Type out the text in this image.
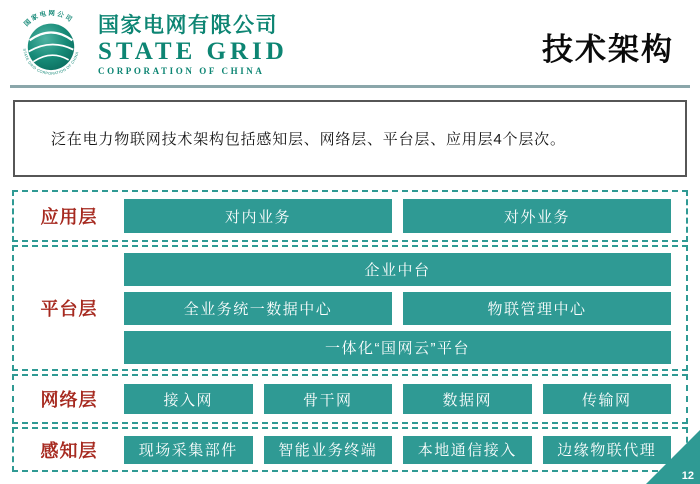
国家电网公司
STATE GRID CORPORATION OF CHINA
国家电网有限公司
STATE GRID
CORPORATION OF CHINA
技术架构

泛在电力物联网技术架构包括感知层、网络层、平台层、应用层4个层次。

应用层	对内业务	对外业务
平台层
企业中台
全业务统一数据中心	物联管理中心
一体化“国网云”平台
网络层	接入网	骨干网	数据网	传输网
感知层	现场采集部件	智能业务终端	本地通信接入	边缘物联代理
12
